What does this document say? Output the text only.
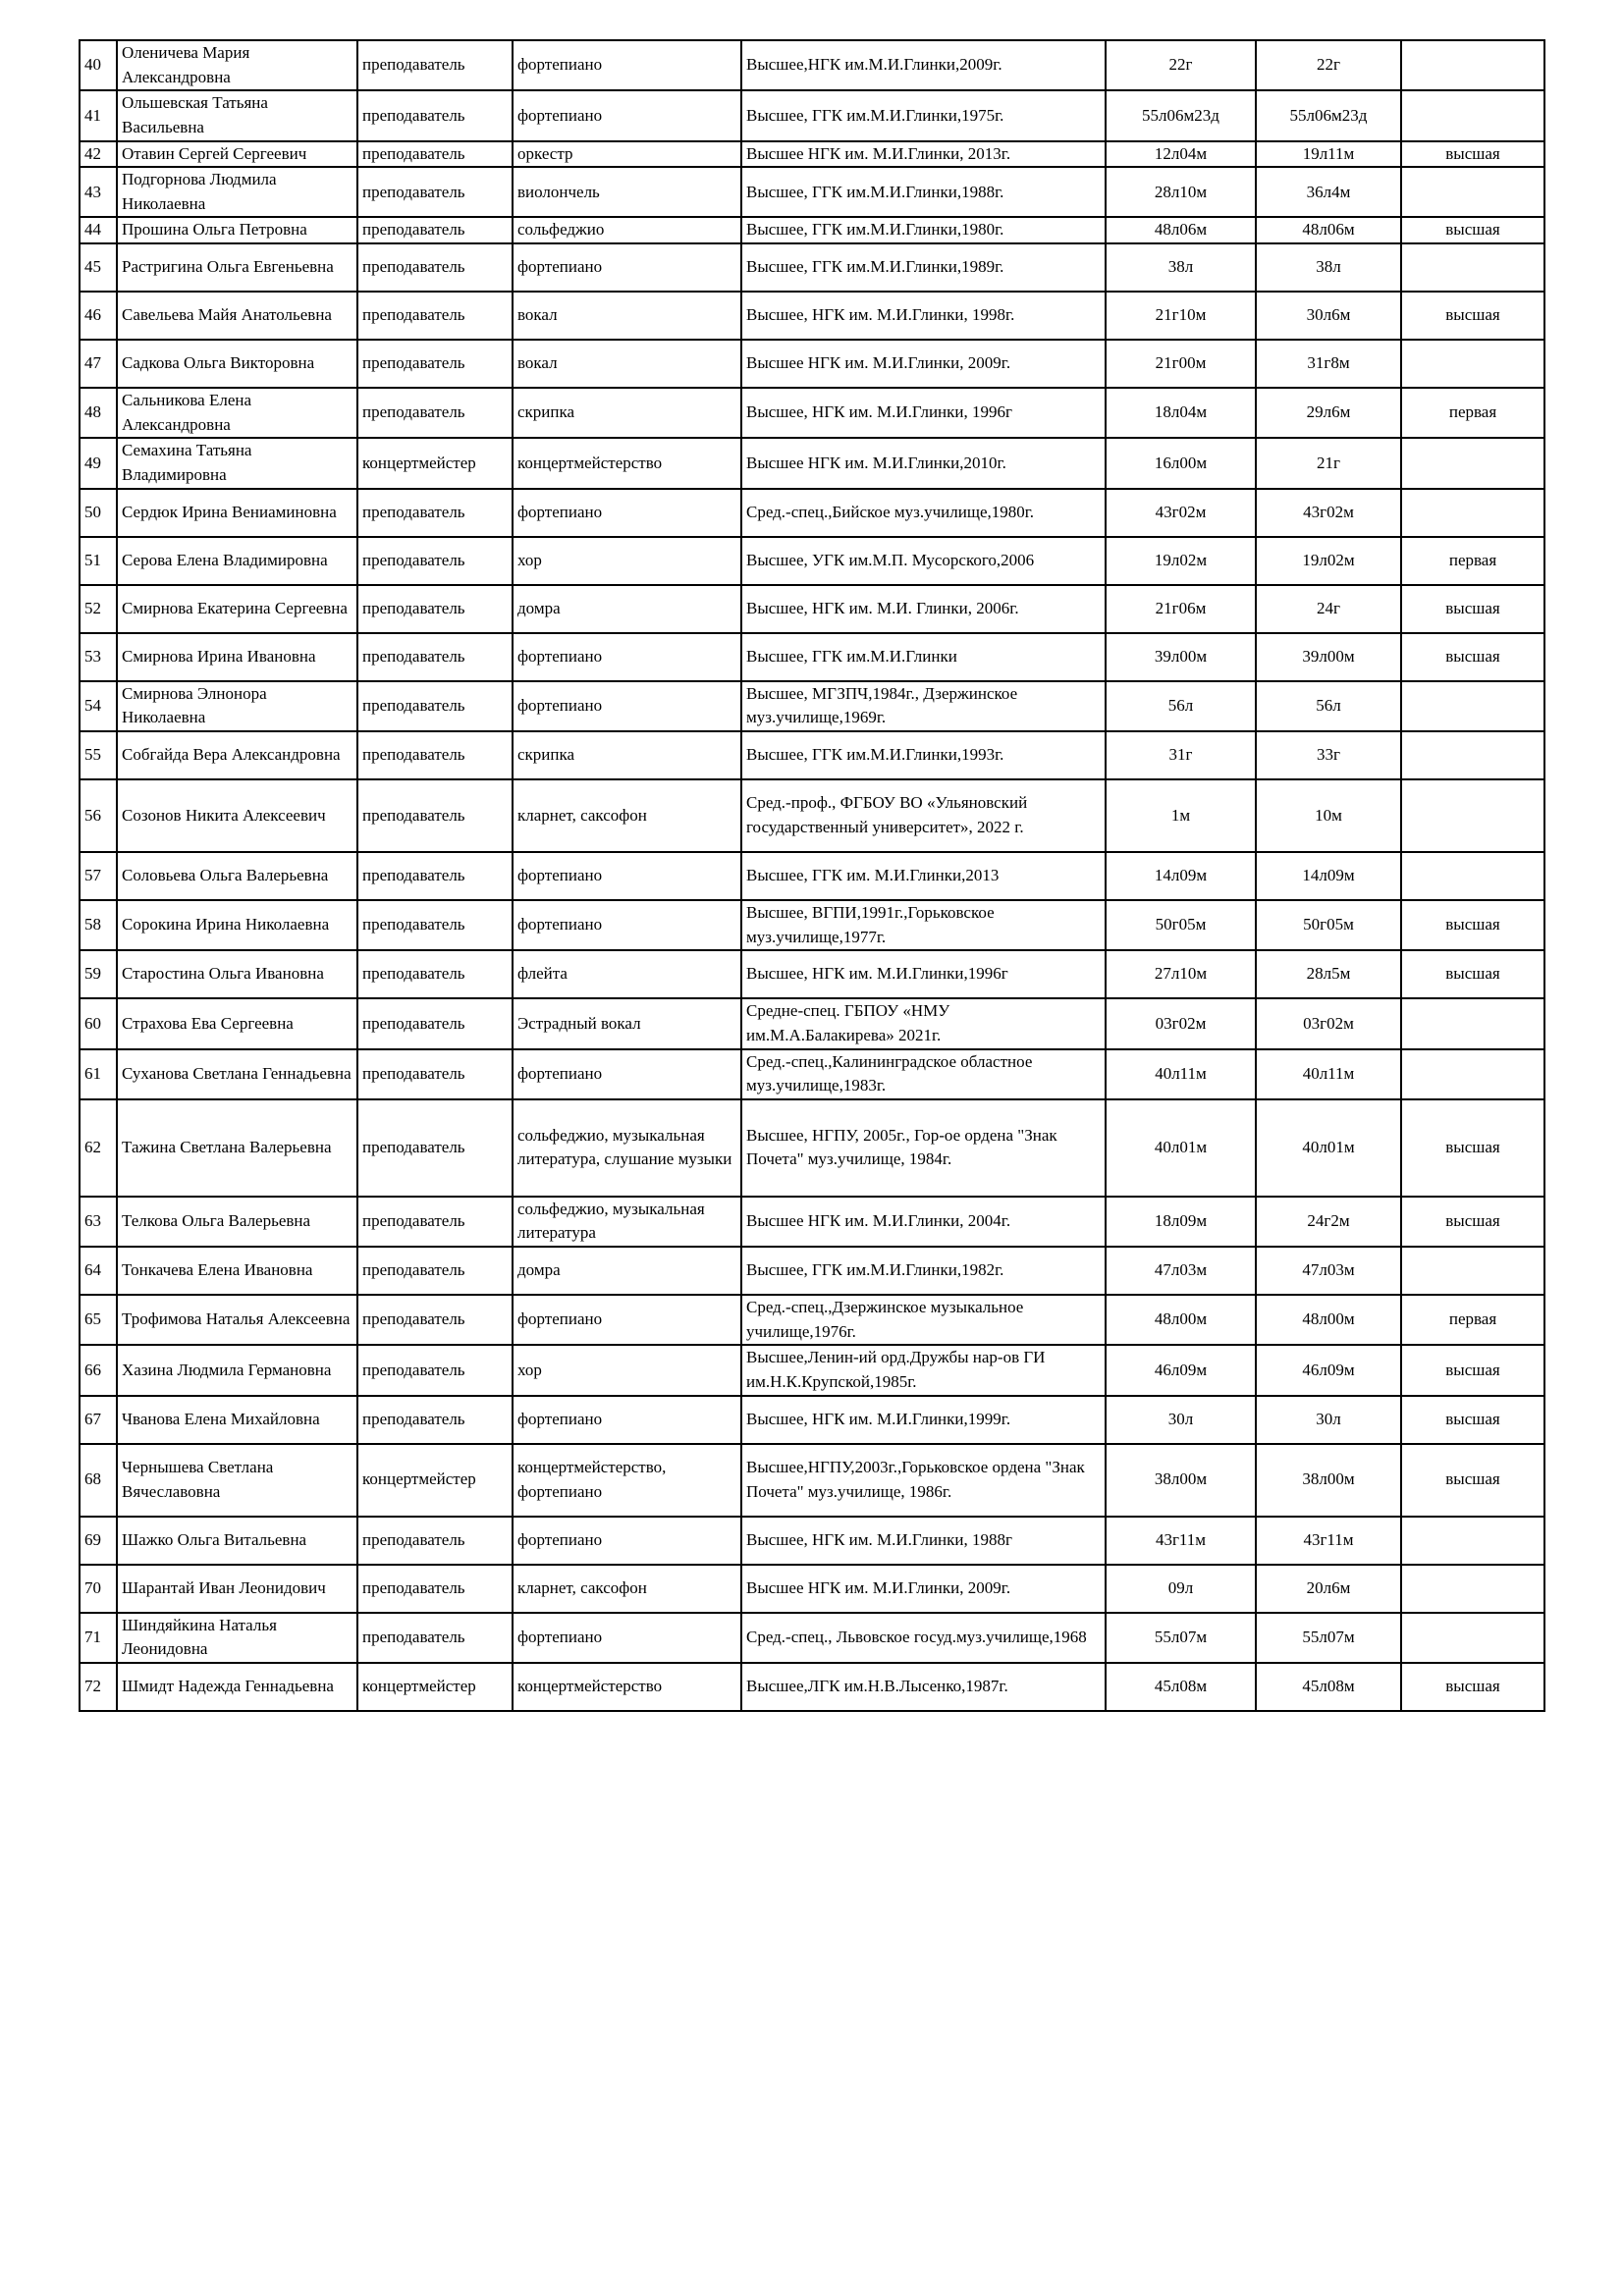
40	Оленичева Мария Александровна	преподаватель	фортепиано	Высшее,НГК им.М.И.Глинки,2009г.	22г	22г	
41	Ольшевская Татьяна Васильевна	преподаватель	фортепиано	Высшее, ГГК им.М.И.Глинки,1975г.	55л06м23д	55л06м23д	
42	Отавин Сергей Сергеевич	преподаватель	оркестр	Высшее НГК им. М.И.Глинки, 2013г.	12л04м	19л11м	высшая
43	Подгорнова Людмила Николаевна	преподаватель	виолончель	Высшее, ГГК им.М.И.Глинки,1988г.	28л10м	36л4м	
44	Прошина Ольга Петровна	преподаватель	сольфеджио	Высшее, ГГК им.М.И.Глинки,1980г.	48л06м	48л06м	высшая
45	Растригина Ольга Евгеньевна	преподаватель	фортепиано	Высшее, ГГК им.М.И.Глинки,1989г.	38л	38л	
46	Савельева Майя Анатольевна	преподаватель	вокал	Высшее, НГК им. М.И.Глинки, 1998г.	21г10м	30л6м	высшая
47	Садкова Ольга Викторовна	преподаватель	вокал	Высшее НГК им. М.И.Глинки, 2009г.	21г00м	31г8м	
48	Сальникова Елена Александровна	преподаватель	скрипка	Высшее, НГК им. М.И.Глинки, 1996г	18л04м	29л6м	первая
49	Семахина Татьяна Владимировна	концертмейстер	концертмейстерство	Высшее НГК им. М.И.Глинки,2010г.	16л00м	21г	
50	Сердюк Ирина Вениаминовна	преподаватель	фортепиано	Сред.-спец.,Бийское муз.училище,1980г.	43г02м	43г02м	
51	Серова Елена Владимировна	преподаватель	хор	Высшее, УГК им.М.П. Мусорского,2006	19л02м	19л02м	первая
52	Смирнова Екатерина Сергеевна	преподаватель	домра	Высшее, НГК им. М.И. Глинки, 2006г.	21г06м	24г	высшая
53	Смирнова Ирина Ивановна	преподаватель	фортепиано	Высшее, ГГК им.М.И.Глинки	39л00м	39л00м	высшая
54	Смирнова Элнонора Николаевна	преподаватель	фортепиано	Высшее, МГЗПЧ,1984г., Дзержинское муз.училище,1969г.	56л	56л	
55	Собгайда Вера Александровна	преподаватель	скрипка	Высшее, ГГК им.М.И.Глинки,1993г.	31г	33г	
56	Созонов Никита Алексеевич	преподаватель	кларнет, саксофон	Сред.-проф., ФГБОУ ВО «Ульяновский государственный университет», 2022 г.	1м	10м	
57	Соловьева Ольга Валерьевна	преподаватель	фортепиано	Высшее, ГГК им. М.И.Глинки,2013	14л09м	14л09м	
58	Сорокина Ирина Николаевна	преподаватель	фортепиано	Высшее, ВГПИ,1991г.,Горьковское муз.училище,1977г.	50г05м	50г05м	высшая
59	Старостина Ольга Ивановна	преподаватель	флейта	Высшее, НГК им. М.И.Глинки,1996г	27л10м	28л5м	высшая
60	Страхова Ева Сергеевна	преподаватель	Эстрадный вокал	Средне-спец. ГБПОУ «НМУ им.М.А.Балакирева» 2021г.	03г02м	03г02м	
61	Суханова Светлана Геннадьевна	преподаватель	фортепиано	Сред.-спец.,Калининградское областное муз.училище,1983г.	40л11м	40л11м	
62	Тажина Светлана Валерьевна	преподаватель	сольфеджио, музыкальная литература, слушание музыки	Высшее, НГПУ, 2005г., Гор-ое ордена "Знак Почета" муз.училище, 1984г.	40л01м	40л01м	высшая
63	Телкова Ольга Валерьевна	преподаватель	сольфеджио, музыкальная литература	Высшее НГК им. М.И.Глинки, 2004г.	18л09м	24г2м	высшая
64	Тонкачева Елена Ивановна	преподаватель	домра	Высшее, ГГК им.М.И.Глинки,1982г.	47л03м	47л03м	
65	Трофимова Наталья Алексеевна	преподаватель	фортепиано	Сред.-спец.,Дзержинское музыкальное училище,1976г.	48л00м	48л00м	первая
66	Хазина Людмила Германовна	преподаватель	хор	Высшее,Ленин-ий орд.Дружбы нар-ов ГИ им.Н.К.Крупской,1985г.	46л09м	46л09м	высшая
67	Чванова Елена Михайловна	преподаватель	фортепиано	Высшее, НГК им. М.И.Глинки,1999г.	30л	30л	высшая
68	Чернышева Светлана Вячеславовна	концертмейстер	концертмейстерство, фортепиано	Высшее,НГПУ,2003г.,Горьковское ордена "Знак Почета" муз.училище, 1986г.	38л00м	38л00м	высшая
69	Шажко Ольга Витальевна	преподаватель	фортепиано	Высшее, НГК им. М.И.Глинки, 1988г	43г11м	43г11м	
70	Шарантай Иван Леонидович	преподаватель	кларнет, саксофон	Высшее НГК им. М.И.Глинки, 2009г.	09л	20л6м	
71	Шиндяйкина Наталья Леонидовна	преподаватель	фортепиано	Сред.-спец., Львовское госуд.муз.училище,1968	55л07м	55л07м	
72	Шмидт Надежда Геннадьевна	концертмейстер	концертмейстерство	Высшее,ЛГК им.Н.В.Лысенко,1987г.	45л08м	45л08м	высшая
